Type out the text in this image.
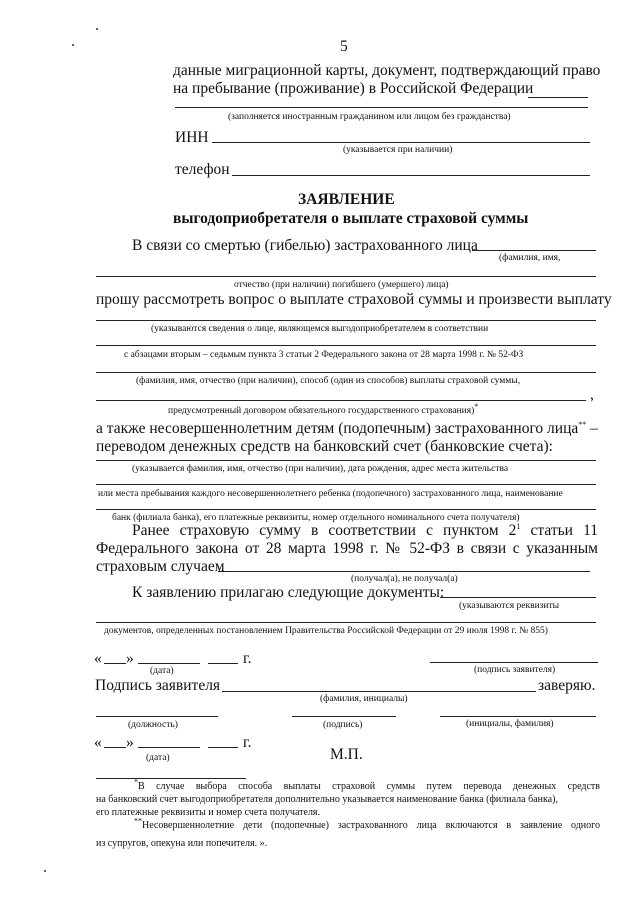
5
данные миграционной карты, документ, подтверждающий право
на пребывание (проживание) в Российской Федерации
(заполняется иностранным гражданином или лицом без гражданства)
ИНН
(указывается при наличии)
телефон
ЗАЯВЛЕНИЕ
выгодоприобретателя о выплате страховой суммы
В связи со смертью (гибелью) застрахованного лица
(фамилия, имя,
отчество (при наличии) погибшего (умершего) лица)
прошу рассмотреть вопрос о выплате страховой суммы и произвести выплату
(указываются сведения о лице, являющемся выгодоприобретателем в соответствии
с абзацами вторым – седьмым пункта 3 статьи 2 Федерального закона от 28 марта 1998 г. № 52-ФЗ
(фамилия, имя, отчество (при наличии), способ (один из способов) выплаты страховой суммы,
,
предусмотренный договором обязательного государственного страхования)*
а также несовершеннолетним детям (подопечным) застрахованного лица** –
переводом денежных средств на банковский счет (банковские счета):
(указывается фамилия, имя, отчество (при наличии), дата рождения, адрес места жительства
или места пребывания каждого несовершеннолетнего ребенка (подопечного) застрахованного лица, наименование
банк (филиала банка), его платежные реквизиты, номер отдельного номинального счета получателя)
Ранее страховую сумму в соответствии с пунктом $2^1$ статьи 11
Федерального закона от 28 марта 1998 г. № 52-ФЗ в связи с указанным
страховым случаем
(получал(а), не получал(а)
К заявлению прилагаю следующие документы:
(указываются реквизиты
документов, определенных постановлением Правительства Российской Федерации от 29 июля 1998 г. № 855)
« »	г.
(дата)	(подпись заявителя)
Подпись заявителя	заверяю.
(фамилия, инициалы)
(должность)	(подпись)	(инициалы, фамилия)
« »	г.
(дата)	М.П.
*В случае выбора способа выплаты страховой суммы путем перевода денежных средств
на банковский счет выгодоприобретателя дополнительно указывается наименование банка (филиала банка),
его платежные реквизиты и номер счета получателя.
**Несовершеннолетние дети (подопечные) застрахованного лица включаются в заявление одного
из супругов, опекуна или попечителя. ».
